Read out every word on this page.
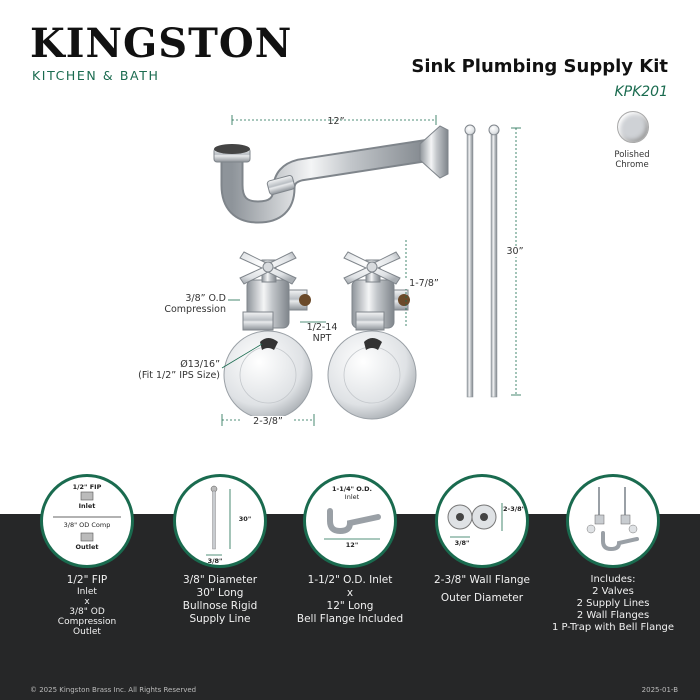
KINGSTON
KITCHEN & BATH	Sink Plumbing Supply Kit
KPK201
Polished
Chrome
12”
30”
1-7/8”
3/8” O.D
Compression
1/2-14
NPT
Ø13/16”
(Fit 1/2” IPS Size)
2-3/8”
1/2" FIP
Inlet
3/8" OD Comp
Outlet
30"
3/8"
1-1/4" O.D.
Inlet
12"
2-3/8"
3/8"
1/2" FIP
Inlet
x
3/8" OD
Compression
Outlet
3/8" Diameter
30" Long
Bullnose Rigid
Supply Line
1-1/2" O.D. Inlet
x
12" Long
Bell Flange Included
2-3/8" Wall Flange
Outer Diameter
Includes:
2 Valves
2 Supply Lines
2 Wall Flanges
1 P-Trap with Bell Flange
© 2025 Kingston Brass Inc. All Rights Reserved	2025-01-B
